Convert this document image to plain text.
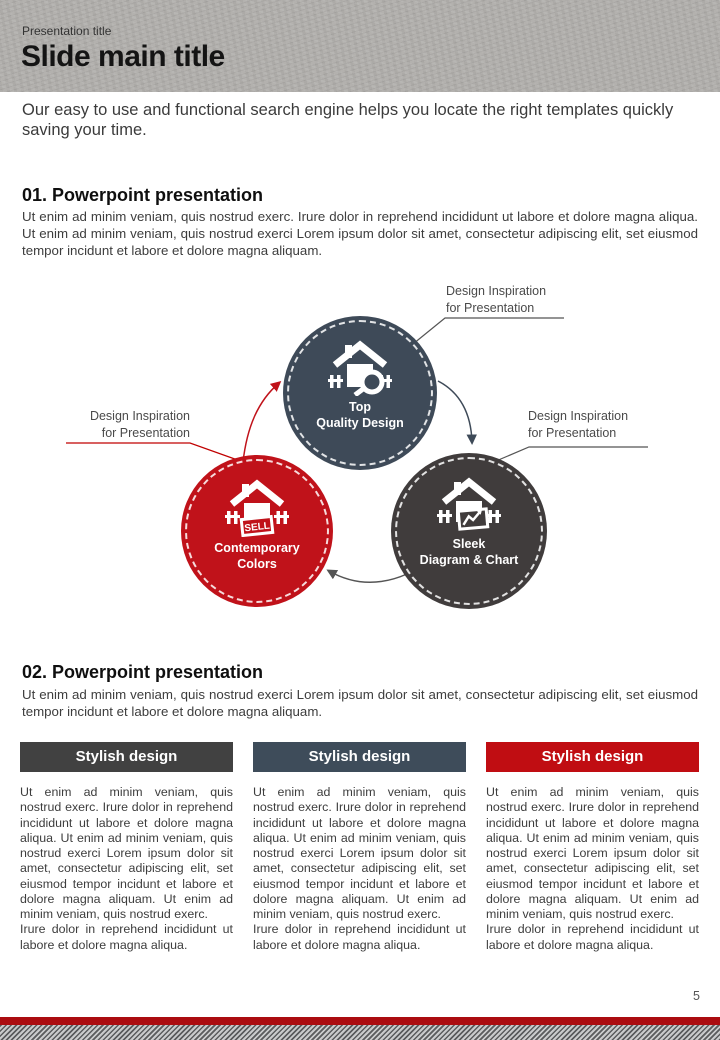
Presentation title
Slide main title
Our easy to use and functional search engine helps you locate the right templates quickly saving your time.
01. Powerpoint presentation
Ut enim ad minim veniam, quis nostrud exerc. Irure dolor in reprehend incididunt ut labore et dolore magna aliqua. Ut enim ad minim veniam, quis nostrud exerci Lorem ipsum dolor sit amet, consectetur adipiscing elit, set eiusmod tempor incidunt et labore et dolore magna aliquam.
Design Inspiration
for Presentation
Design Inspiration
for Presentation
Design Inspiration
for Presentation
Top
Quality Design
SELL
Contemporary
Colors
Sleek
Diagram & Chart
02. Powerpoint presentation
Ut enim ad minim veniam, quis nostrud exerci Lorem ipsum dolor sit amet, consectetur adipiscing elit, set eiusmod tempor incidunt et labore et dolore magna aliquam.
Stylish design

Ut enim ad minim veniam, quis nostrud exerc. Irure dolor in reprehend incididunt ut labore et dolore magna aliqua. Ut enim ad minim veniam, quis nostrud exerci Lorem ipsum dolor sit amet, consectetur adipiscing elit, set eiusmod tempor incidunt et labore et dolore magna aliquam. Ut enim ad minim veniam, quis nostrud exerc.

Irure dolor in reprehend incididunt ut labore et dolore magna aliqua.

Stylish design

Ut enim ad minim veniam, quis nostrud exerc. Irure dolor in reprehend incididunt ut labore et dolore magna aliqua. Ut enim ad minim veniam, quis nostrud exerci Lorem ipsum dolor sit amet, consectetur adipiscing elit, set eiusmod tempor incidunt et labore et dolore magna aliquam. Ut enim ad minim veniam, quis nostrud exerc.

Irure dolor in reprehend incididunt ut labore et dolore magna aliqua.

Stylish design

Ut enim ad minim veniam, quis nostrud exerc. Irure dolor in reprehend incididunt ut labore et dolore magna aliqua. Ut enim ad minim veniam, quis nostrud exerci Lorem ipsum dolor sit amet, consectetur adipiscing elit, set eiusmod tempor incidunt et labore et dolore magna aliquam. Ut enim ad minim veniam, quis nostrud exerc.

Irure dolor in reprehend incididunt ut labore et dolore magna aliqua.

5
